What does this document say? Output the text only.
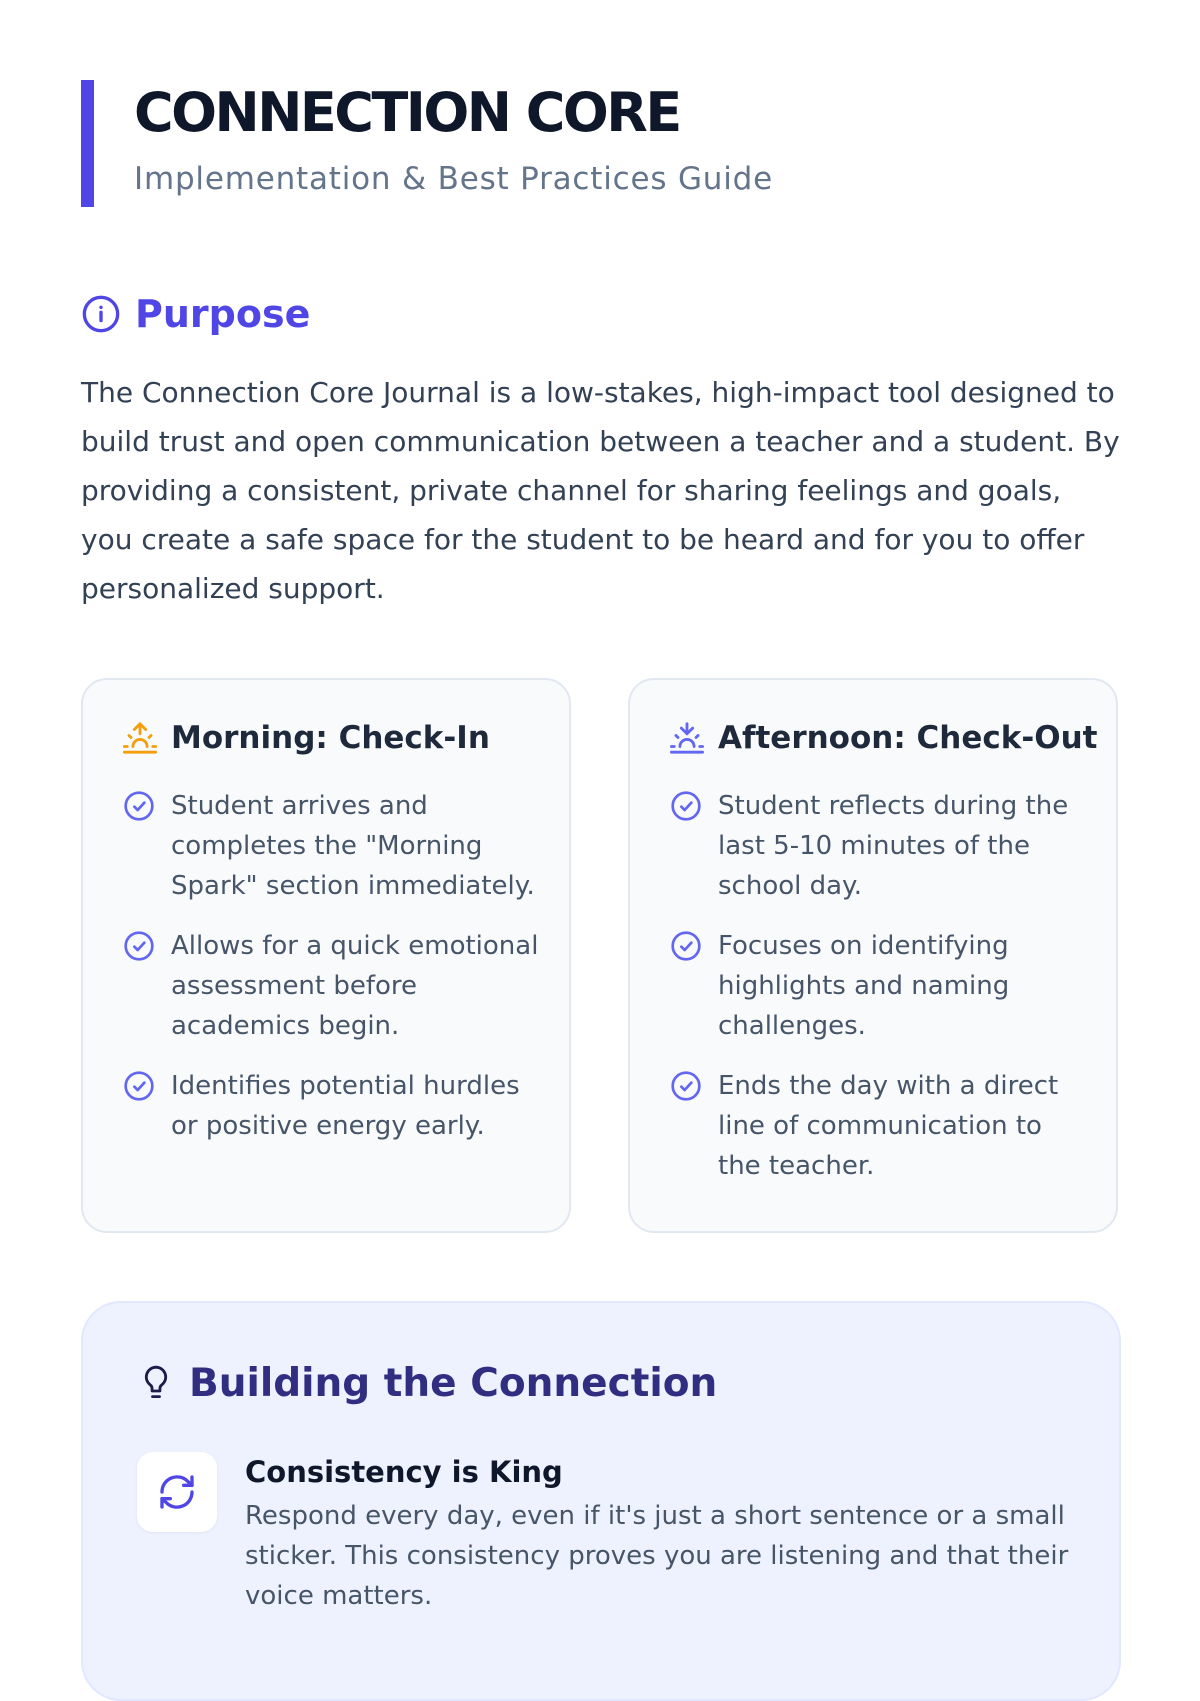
CONNECTION CORE

Implementation & Best Practices Guide

Purpose

The Connection Core Journal is a low-stakes, high-impact tool designed to build trust and open communication between a teacher and a student. By providing a consistent, private channel for sharing feelings and goals, you create a safe space for the student to be heard and for you to offer personalized support.

Morning: Check-In
Student arrives and completes the "Morning Spark" section immediately.
Allows for a quick emotional assessment before academics begin.
Identifies potential hurdles or positive energy early.
Afternoon: Check-Out
Student reflects during the last 5-10 minutes of the school day.
Focuses on identifying highlights and naming challenges.
Ends the day with a direct line of communication to the teacher.
Building the Connection
Consistency is King

Respond every day, even if it's just a short sentence or a small sticker. This consistency proves you are listening and that their voice matters.
